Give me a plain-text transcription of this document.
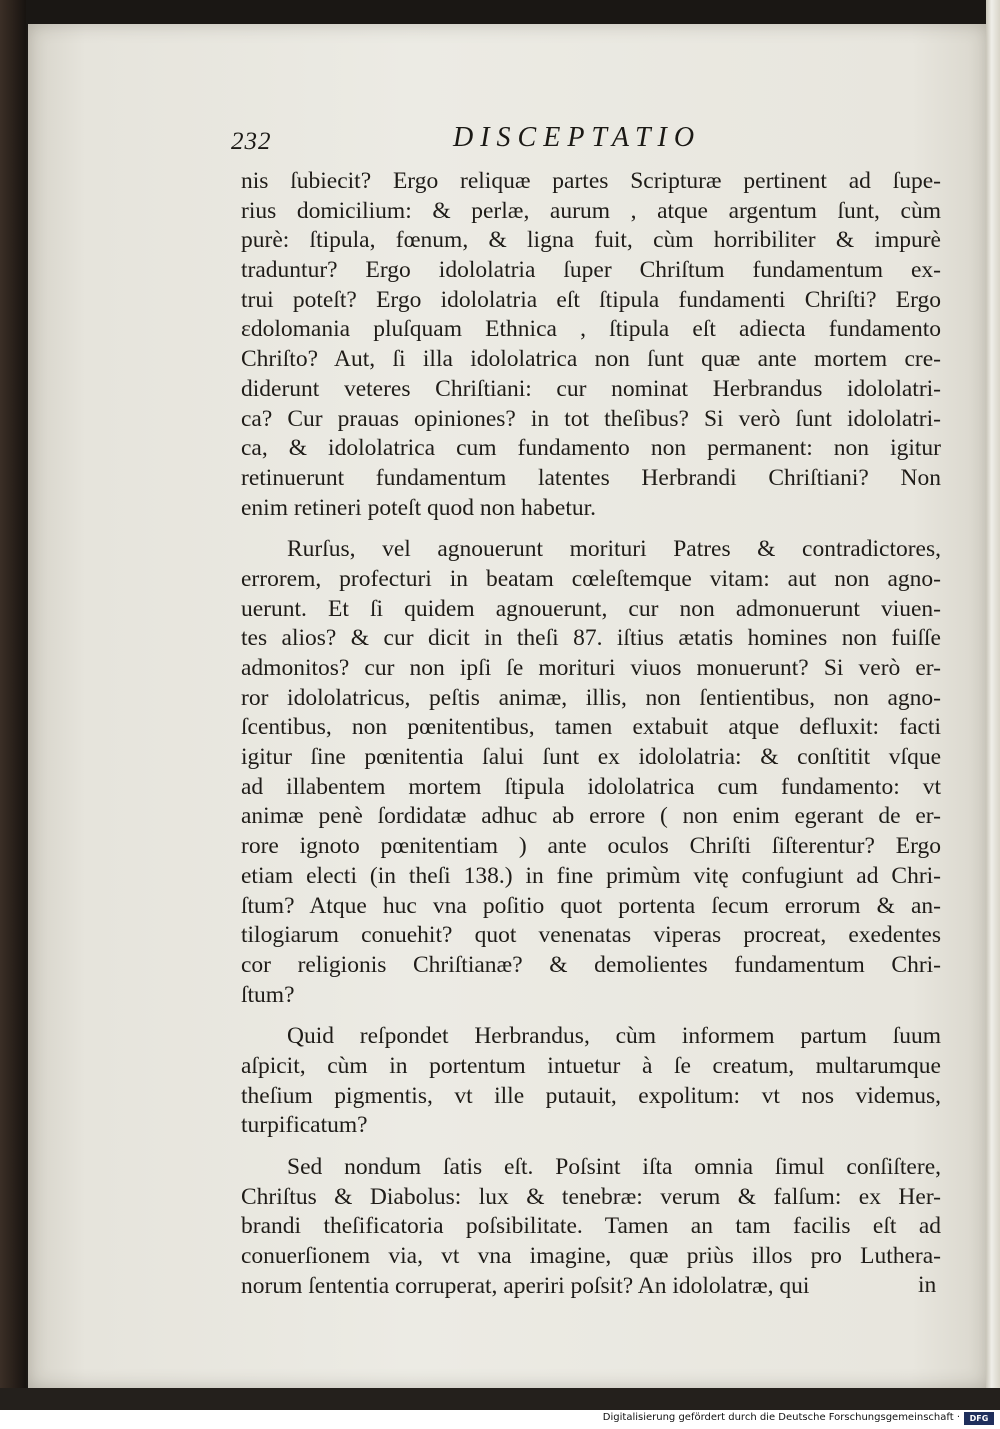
232	DISCEPTATIO
nis ſubiecit? Ergo reliquæ partes Scripturæ pertinent ad ſupe-
rius domicilium: & perlæ, aurum , atque argentum ſunt, cùm
purè: ſtipula, fœnum, & ligna fuit, cùm horribiliter & impurè
traduntur? Ergo idololatria ſuper Chriſtum fundamentum ex-
trui poteſt? Ergo idololatria eſt ſtipula fundamenti Chriſti? Ergo
ɛdolomania pluſquam Ethnica , ſtipula eſt adiecta fundamento
Chriſto? Aut, ſi illa idololatrica non ſunt quæ ante mortem cre-
diderunt veteres Chriſtiani: cur nominat Herbrandus idololatri-
ca? Cur prauas opiniones? in tot theſibus? Si verò ſunt idololatri-
ca, & idololatrica cum fundamento non permanent: non igitur
retinuerunt fundamentum latentes Herbrandi Chriſtiani? Non
enim retineri poteſt quod non habetur.
Rurſus, vel agnouerunt morituri Patres & contradictores,
errorem, profecturi in beatam cœleſtemque vitam: aut non agno-
uerunt. Et ſi quidem agnouerunt, cur non admonuerunt viuen-
tes alios? & cur dicit in theſi 87. iſtius ætatis homines non fuiſſe
admonitos? cur non ipſi ſe morituri viuos monuerunt? Si verò er-
ror idololatricus, peſtis animæ, illis, non ſentientibus, non agno-
ſcentibus, non pœnitentibus, tamen extabuit atque defluxit: facti
igitur ſine pœnitentia ſalui ſunt ex idololatria: & conſtitit vſque
ad illabentem mortem ſtipula idololatrica cum fundamento: vt
animæ penè ſordidatæ adhuc ab errore ( non enim egerant de er-
rore ignoto pœnitentiam ) ante oculos Chriſti ſiſterentur? Ergo
etiam electi (in theſi 138.) in fine primùm vitę confugiunt ad Chri-
ſtum? Atque huc vna poſitio quot portenta ſecum errorum & an-
tilogiarum conuehit? quot venenatas viperas procreat, exedentes
cor religionis Chriſtianæ? & demolientes fundamentum Chri-
ſtum?
Quid reſpondet Herbrandus, cùm informem partum ſuum
aſpicit, cùm in portentum intuetur à ſe creatum, multarumque
theſium pigmentis, vt ille putauit, expolitum: vt nos videmus,
turpificatum?
Sed nondum ſatis eſt. Poſsint iſta omnia ſimul conſiſtere,
Chriſtus & Diabolus: lux & tenebræ: verum & falſum: ex Her-
brandi theſificatoria poſsibilitate. Tamen an tam facilis eſt ad
conuerſionem via, vt vna imagine, quæ priùs illos pro Luthera-
norum ſententia corruperat, aperiri poſsit? An idololatræ, qui	in
Digitalisierung gefördert durch die Deutsche Forschungsgemeinschaft ·	DFG
